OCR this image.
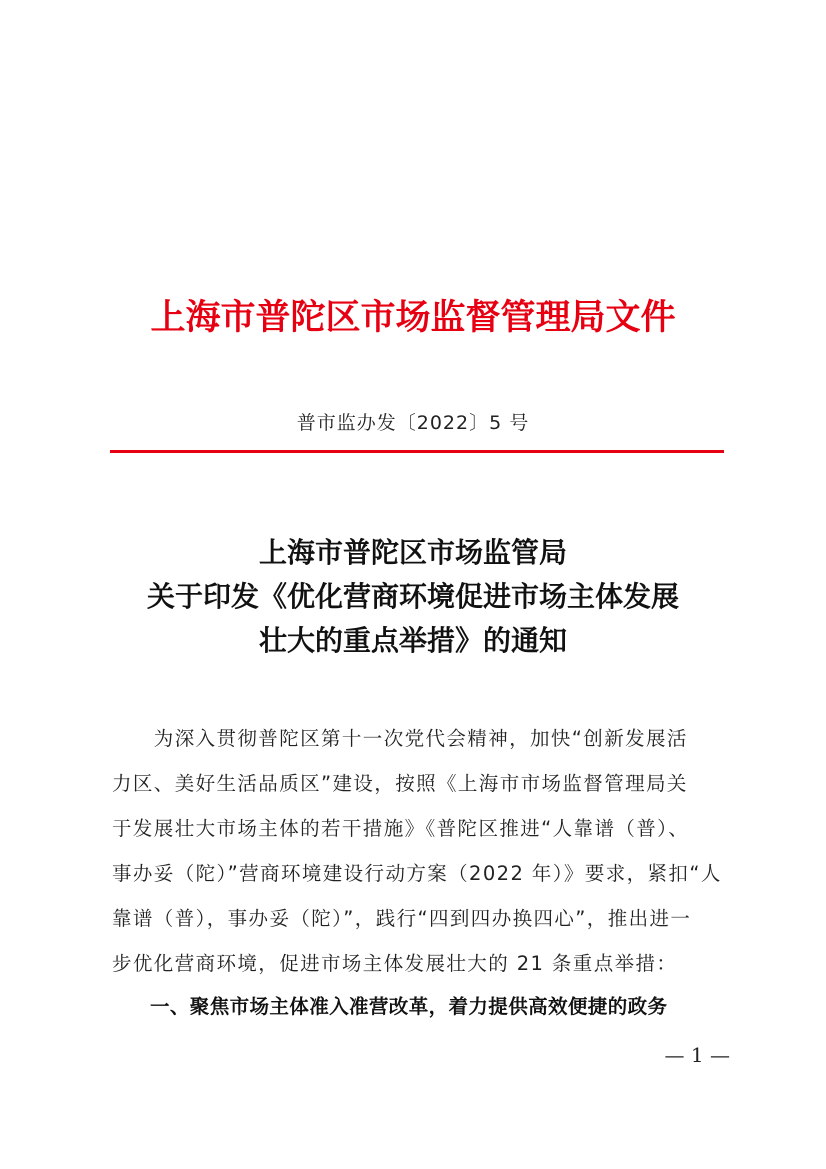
上海市普陀区市场监督管理局文件
普市监办发〔2022〕5 号
上海市普陀区市场监管局
关于印发《优化营商环境促进市场主体发展
壮大的重点举措》的通知
　　为深入贯彻普陀区第十一次党代会精神，加快“创新发展活
力区、美好生活品质区”建设，按照《上海市市场监督管理局关
于发展壮大市场主体的若干措施》《普陀区推进“人靠谱（普）、
事办妥（陀）”营商环境建设行动方案（2022 年）》要求，紧扣“人
靠谱（普），事办妥（陀）”，践行“四到四办换四心”，推出进一
步优化营商环境，促进市场主体发展壮大的 21 条重点举措：
一、聚焦市场主体准入准营改革，着力提供高效便捷的政务
— 1 —
